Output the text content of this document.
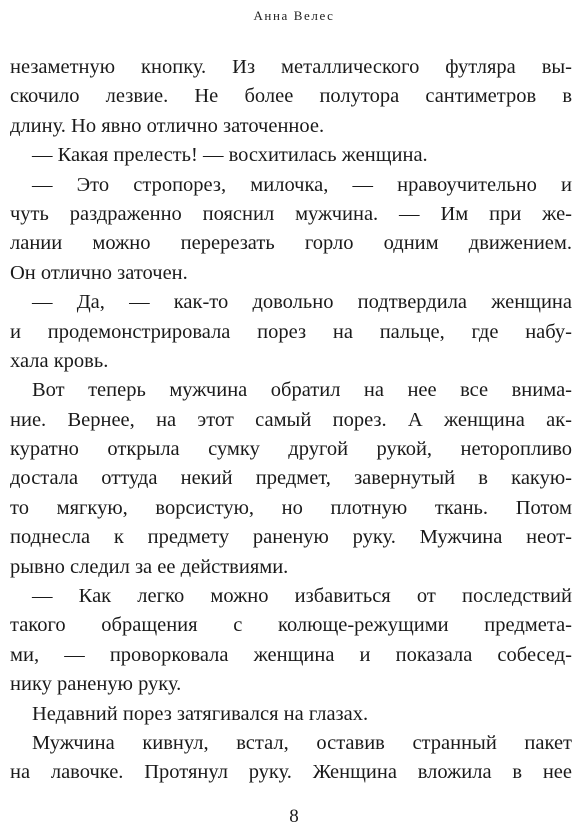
Анна Велес
незаметную кнопку. Из металлического футляра вы-
скочило лезвие. Не более полутора сантиметров в
длину. Но явно отлично заточенное.
— Какая прелесть! — восхитилась женщина.
— Это стропорез, милочка, — нравоучительно и
чуть раздраженно пояснил мужчина. — Им при же-
лании можно перерезать горло одним движением.
Он отлично заточен.
— Да, — как-то довольно подтвердила женщина
и продемонстрировала порез на пальце, где набу-
хала кровь.
Вот теперь мужчина обратил на нее все внима-
ние. Вернее, на этот самый порез. А женщина ак-
куратно открыла сумку другой рукой, неторопливо
достала оттуда некий предмет, завернутый в какую-
то мягкую, ворсистую, но плотную ткань. Потом
поднесла к предмету раненую руку. Мужчина неот-
рывно следил за ее действиями.
— Как легко можно избавиться от последствий
такого обращения с колюще-режущими предмета-
ми, — проворковала женщина и показала собесед-
нику раненую руку.
Недавний порез затягивался на глазах.
Мужчина кивнул, встал, оставив странный пакет
на лавочке. Протянул руку. Женщина вложила в нее
8
